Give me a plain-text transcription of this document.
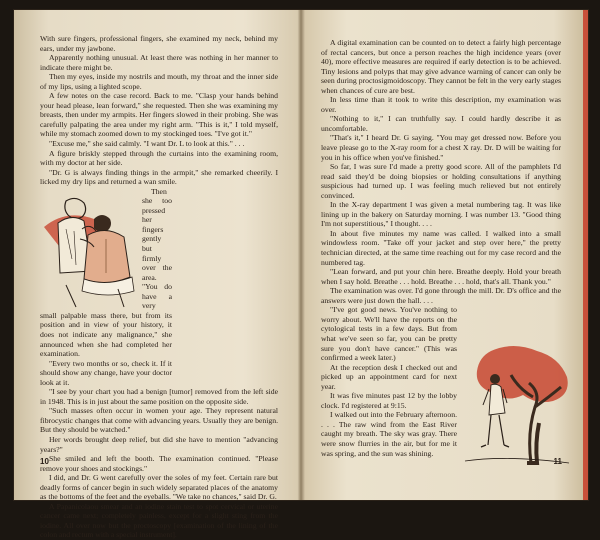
With sure fingers, professional fingers, she examined my neck, behind my ears, under my jawbone.

Apparently nothing unusual. At least there was nothing in her manner to indicate there might be.

Then my eyes, inside my nostrils and mouth, my throat and the inner side of my lips, using a lighted scope.

A few notes on the case record. Back to me. "Clasp your hands behind your head please, lean forward," she requested. Then she was examining my breasts, then under my armpits. Her fingers slowed in their probing. She was carefully palpating the area under my right arm. "This is it," I told myself, while my stomach zoomed down to my stockinged toes. "I've got it."

"Excuse me," she said calmly. "I want Dr. L to look at this." . . .

A figure briskly stepped through the curtains into the examining room, with my doctor at her side.

"Dr. G is always finding things in the armpit," she remarked cheerily. I licked my dry lips and returned a wan smile.

Then she too pressed her fingers gently but firmly over the area. "You do have a very small palpable mass there, but from its position and in view of your history, it does not indicate any malignance," she announced when she had completed her examination.

"Every two months or so, check it. If it should show any change, have your doctor look at it.

"I see by your chart you had a benign [tumor] removed from the left side in 1948. This is in just about the same position on the opposite side.

"Such masses often occur in women your age. They represent natural fibrocystic changes that come with advancing years. Usually they are benign. But they should be watched."

Her words brought deep relief, but did she have to mention "advancing years?"

She smiled and left the booth. The examination continued. "Please remove your shoes and stockings."

I did, and Dr. G went carefully over the soles of my feet. Certain rare but deadly forms of cancer begin in such widely separated places of the anatomy as the bottoms of the feet and the eyeballs. "We take no chances," said Dr. G.

A Papanicolaou smear and an iodine stain test to spot cervical or uterine cancer came next; completely painless, except for a slight sting from the iodine. All over now but the proctoscopy [examination of the lining of the colon and rectum with a special instrument].

10

A digital examination can be counted on to detect a fairly high percentage of rectal cancers, but once a person reaches the high incidence years (over 40), more effective measures are required if early detection is to be achieved. Tiny lesions and polyps that may give advance warning of cancer can only be seen during proctosigmoidoscopy. They cannot be felt in the very early stages when chances of cure are best.

In less time than it took to write this description, my examination was over.

"Nothing to it," I can truthfully say. I could hardly describe it as uncomfortable.

"That's it," I heard Dr. G saying. "You may get dressed now. Before you leave please go to the X-ray room for a chest X ray. Dr. D will be waiting for you in his office when you've finished."

So far, I was sure I'd made a pretty good score. All of the pamphlets I'd read said they'd be doing biopsies or holding consultations if anything suspicious had turned up. I was feeling much relieved but not entirely convinced.

In the X-ray department I was given a metal numbering tag. It was like lining up in the bakery on Saturday morning. I was number 13. "Good thing I'm not superstitious," I thought. . . .

In about five minutes my name was called. I walked into a small windowless room. "Take off your jacket and step over here," the pretty technician directed, at the same time reaching out for my case record and the numbered tag.

"Lean forward, and put your chin here. Breathe deeply. Hold your breath when I say hold. Breathe . . . hold. Breathe . . . hold, that's all. Thank you."

The examination was over. I'd gone through the mill. Dr. D's office and the answers were just down the hall. . . .

"I've got good news. You've nothing to worry about. We'll have the reports on the cytological tests in a few days. But from what we've seen so far, you can be pretty sure you don't have cancer." (This was confirmed a week later.)

At the reception desk I checked out and picked up an appointment card for next year.

It was five minutes past 12 by the lobby clock. I'd registered at 9:15.

I walked out into the February afternoon. . . . The raw wind from the East River caught my breath. The sky was gray. There were snow flurries in the air, but for me it was spring, and the sun was shining.

11
